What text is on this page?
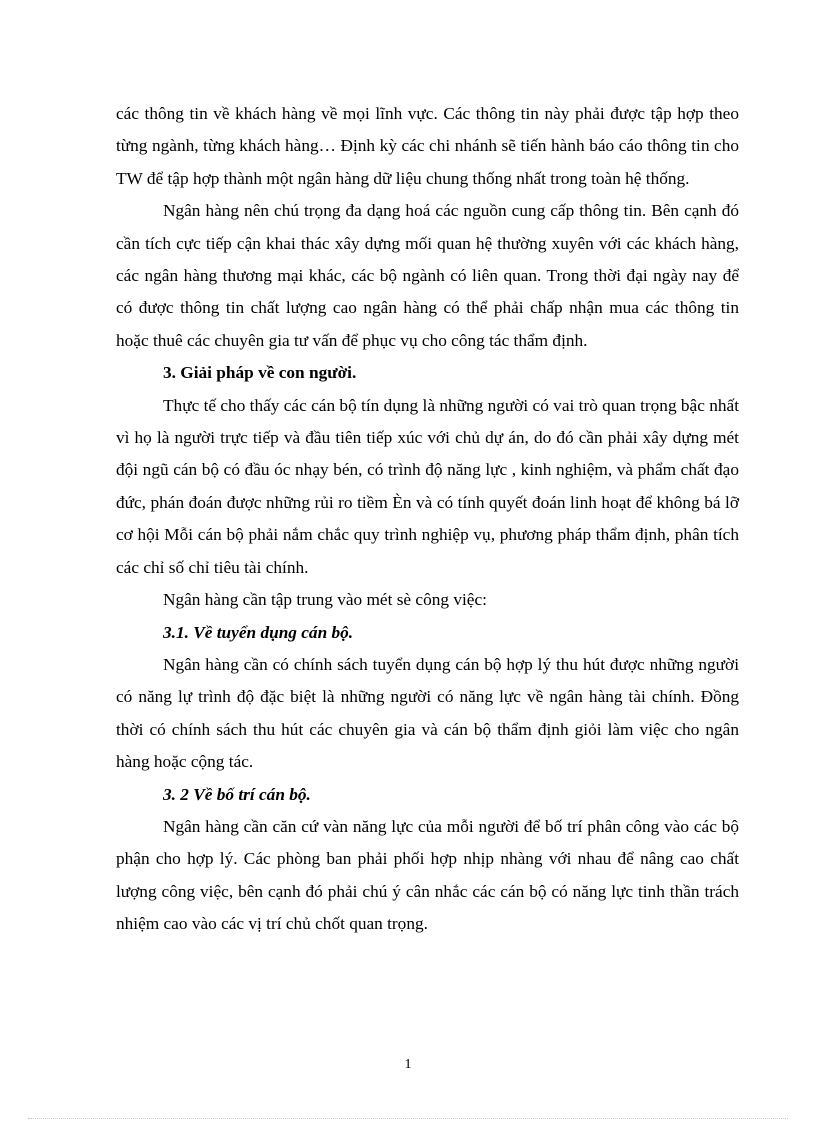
các thông tin về khách hàng về mọi lĩnh vực. Các thông tin này phải được tập hợp theo từng ngành, từng khách hàng… Định kỳ các chi nhánh sẽ tiến hành báo cáo thông tin cho TW để tập hợp thành một ngân hàng dữ liệu chung thống nhất trong toàn hệ thống.

Ngân hàng nên chú trọng đa dạng hoá các nguồn cung cấp thông tin. Bên cạnh đó cần tích cực tiếp cận khai thác xây dựng mối quan hệ thường xuyên với các khách hàng, các ngân hàng thương mại khác, các bộ ngành có liên quan. Trong thời đại ngày nay để có được thông tin chất lượng cao ngân hàng có thể phải chấp nhận mua các thông tin hoặc thuê các chuyên gia tư vấn để phục vụ cho công tác thẩm định.

3. Giải pháp về con người.

Thực tế cho thấy các cán bộ tín dụng là những người có vai trò quan trọng bậc nhất vì họ là người trực tiếp và đầu tiên tiếp xúc với chủ dự án, do đó cần phải xây dựng mét đội ngũ cán bộ có đầu óc nhạy bén, có trình độ năng lực , kinh nghiệm, và phẩm chất đạo đức, phán đoán được những rủi ro tiềm Èn và có tính quyết đoán linh hoạt để không bá lỡ cơ hội Mỗi cán bộ phải nắm chắc quy trình nghiệp vụ, phương pháp thẩm định, phân tích các chỉ số chỉ tiêu tài chính.

Ngân hàng cần tập trung vào mét sè công việc:

3.1. Về tuyển dụng cán bộ.

Ngân hàng cần có chính sách tuyển dụng cán bộ hợp lý thu hút được những người có năng lự trình độ đặc biệt là những người có năng lực về ngân hàng tài chính. Đồng thời có chính sách thu hút các chuyên gia và cán bộ thẩm định giỏi làm việc cho ngân hàng hoặc cộng tác.

3. 2 Về bố trí cán bộ.

Ngân hàng cần căn cứ vàn năng lực của mỗi người để bố trí phân công vào các bộ phận cho hợp lý. Các phòng ban phải phối hợp nhịp nhàng với nhau để nâng cao chất lượng công việc, bên cạnh đó phải chú ý cân nhắc các cán bộ có năng lực tinh thần trách nhiệm cao vào các vị trí chủ chốt quan trọng.

1
